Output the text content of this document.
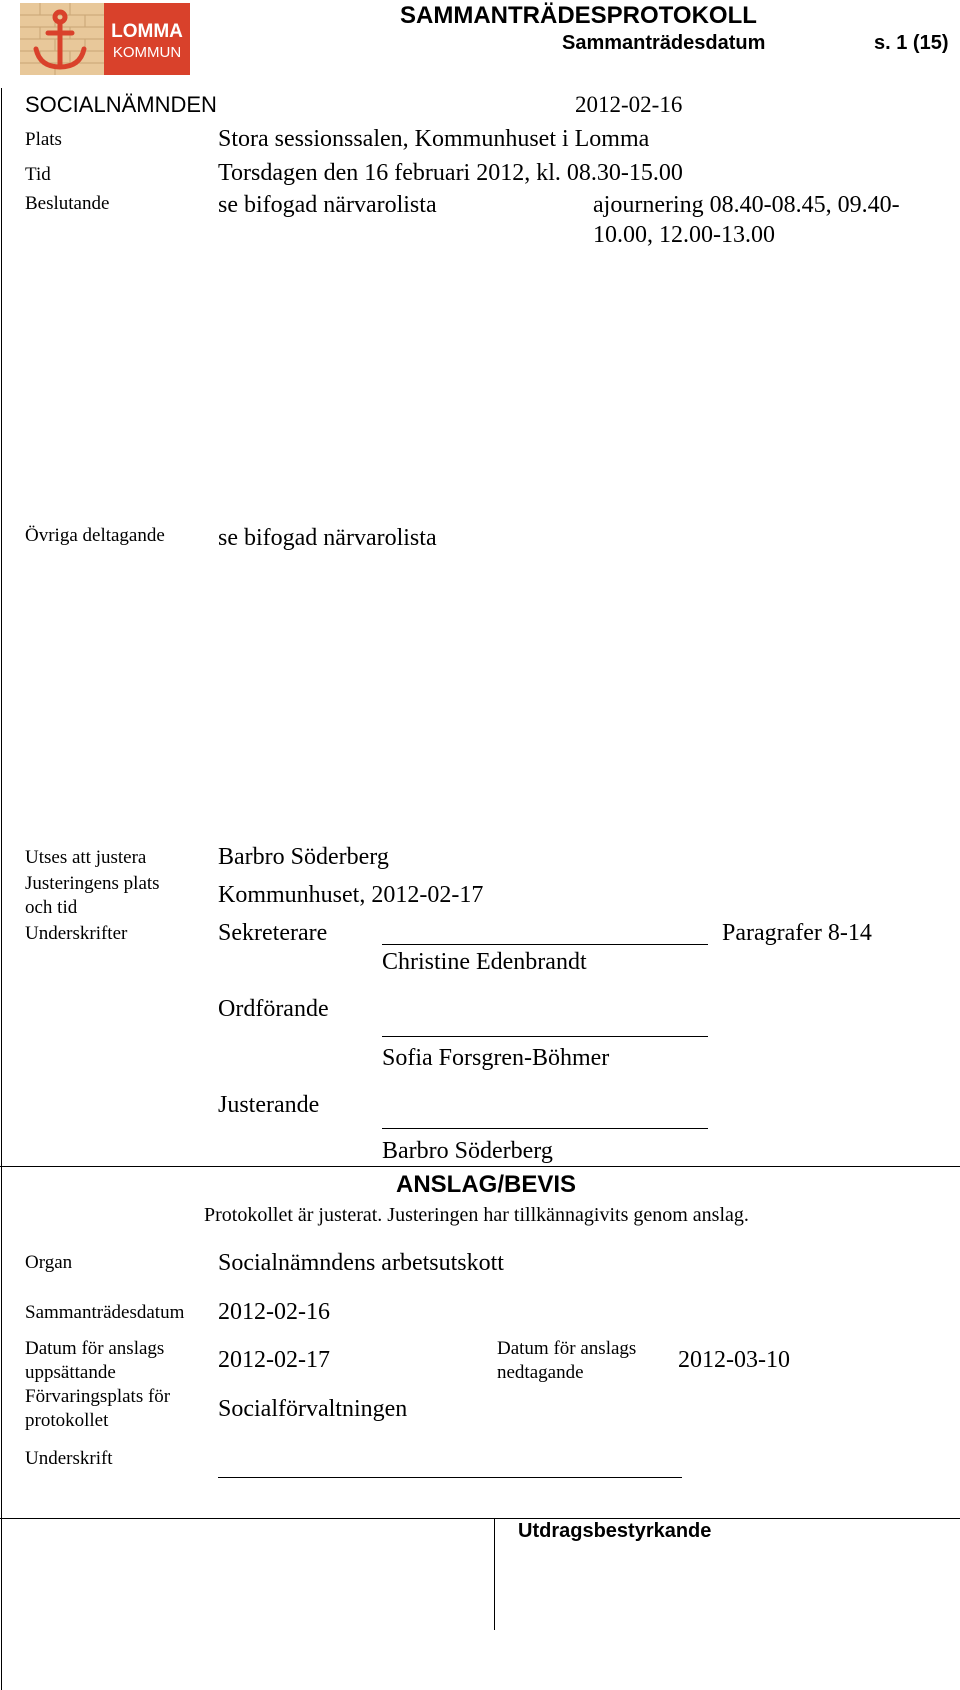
LOMMA
KOMMUN
SAMMANTRÄDESPROTOKOLL
Sammanträdesdatum	s. 1 (15)
SOCIALNÄMNDEN	2012-02-16
Plats	Stora sessionssalen, Kommunhuset i Lomma
Tid	Torsdagen den 16 februari 2012, kl. 08.30-15.00
Beslutande	se bifogad närvarolista	ajournering 08.40-08.45, 09.40-
10.00, 12.00-13.00
Övriga deltagande se bifogad närvarolista
Utses att justera	Barbro Söderberg
Justeringens plats
och tid	Kommunhuset, 2012-02-17
Underskrifter	Sekreterare	Paragrafer 8-14
Christine Edenbrandt
Ordförande
Sofia Forsgren-Böhmer
Justerande
Barbro Söderberg
ANSLAG/BEVIS
Protokollet är justerat. Justeringen har tillkännagivits genom anslag.
Organ	Socialnämndens arbetsutskott
Sammanträdesdatum 2012-02-16
Datum för anslags
uppsättande	2012-02-17	Datum för anslags
nedtagande	2012-03-10
Förvaringsplats för
protokollet	Socialförvaltningen
Underskrift
Utdragsbestyrkande
